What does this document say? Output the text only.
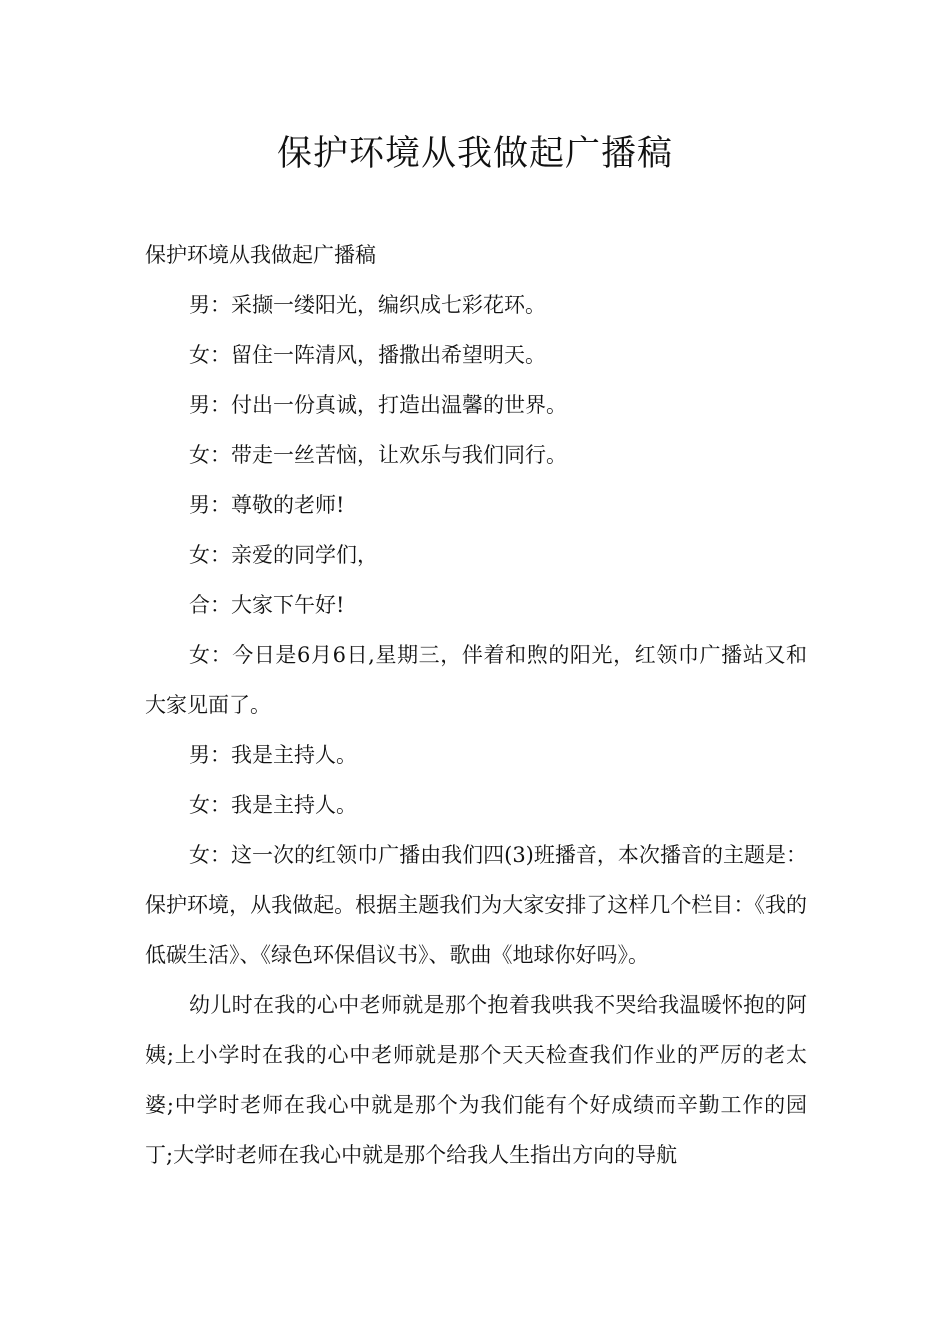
保护环境从我做起广播稿

保护环境从我做起广播稿

男：采撷一缕阳光，编织成七彩花环。

女：留住一阵清风，播撒出希望明天。

男：付出一份真诚，打造出温馨的世界。

女：带走一丝苦恼，让欢乐与我们同行。

男：尊敬的老师!

女：亲爱的同学们，

合：大家下午好!

女：今日是6月6日,星期三，伴着和煦的阳光，红领巾广播站又和大家见面了。

男：我是主持人。

女：我是主持人。

女：这一次的红领巾广播由我们四(3)班播音，本次播音的主题是：保护环境，从我做起。根据主题我们为大家安排了这样几个栏目：《我的低碳生活》、《绿色环保倡议书》、歌曲《地球你好吗》。

幼儿时在我的心中老师就是那个抱着我哄我不哭给我温暖怀抱的阿姨;上小学时在我的心中老师就是那个天天检查我们作业的严厉的老太婆;中学时老师在我心中就是那个为我们能有个好成绩而辛勤工作的园丁;大学时老师在我心中就是那个给我人生指出方向的导航
